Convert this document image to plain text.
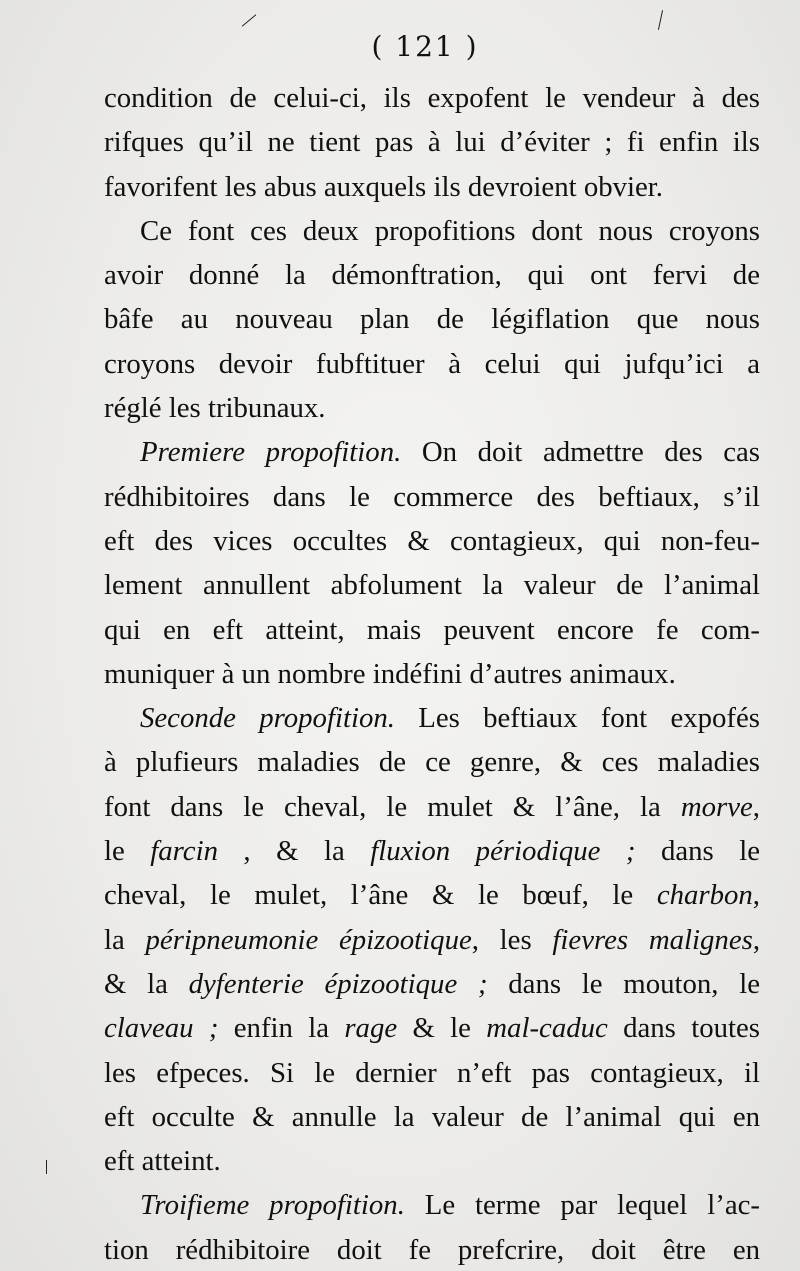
( 121 )
condition de celui-ci, ils expofent le vendeur à des
rifques qu’il ne tient pas à lui d’éviter ; fi enfin ils
favorifent les abus auxquels ils devroient obvier.
Ce font ces deux propofitions dont nous croyons
avoir donné la démonftration, qui ont fervi de
bâfe au nouveau plan de légiflation que nous
croyons devoir fubftituer à celui qui jufqu’ici a
réglé les tribunaux.
Premiere propofition. On doit admettre des cas
rédhibitoires dans le commerce des beftiaux, s’il
eft des vices occultes & contagieux, qui non-feu-
lement annullent abfolument la valeur de l’animal
qui en eft atteint, mais peuvent encore fe com-
muniquer à un nombre indéfini d’autres animaux.
Seconde propofition. Les beftiaux font expofés
à plufieurs maladies de ce genre, & ces maladies
font dans le cheval, le mulet & l’âne, la morve,
le farcin , & la fluxion périodique ; dans le
cheval, le mulet, l’âne & le bœuf, le charbon,
la péripneumonie épizootique, les fievres malignes,
& la dyfenterie épizootique ; dans le mouton, le
claveau ; enfin la rage & le mal-caduc dans toutes
les efpeces. Si le dernier n’eft pas contagieux, il
eft occulte & annulle la valeur de l’animal qui en
eft atteint.
Troifieme propofition. Le terme par lequel l’ac-
tion rédhibitoire doit fe prefcrire, doit être en
